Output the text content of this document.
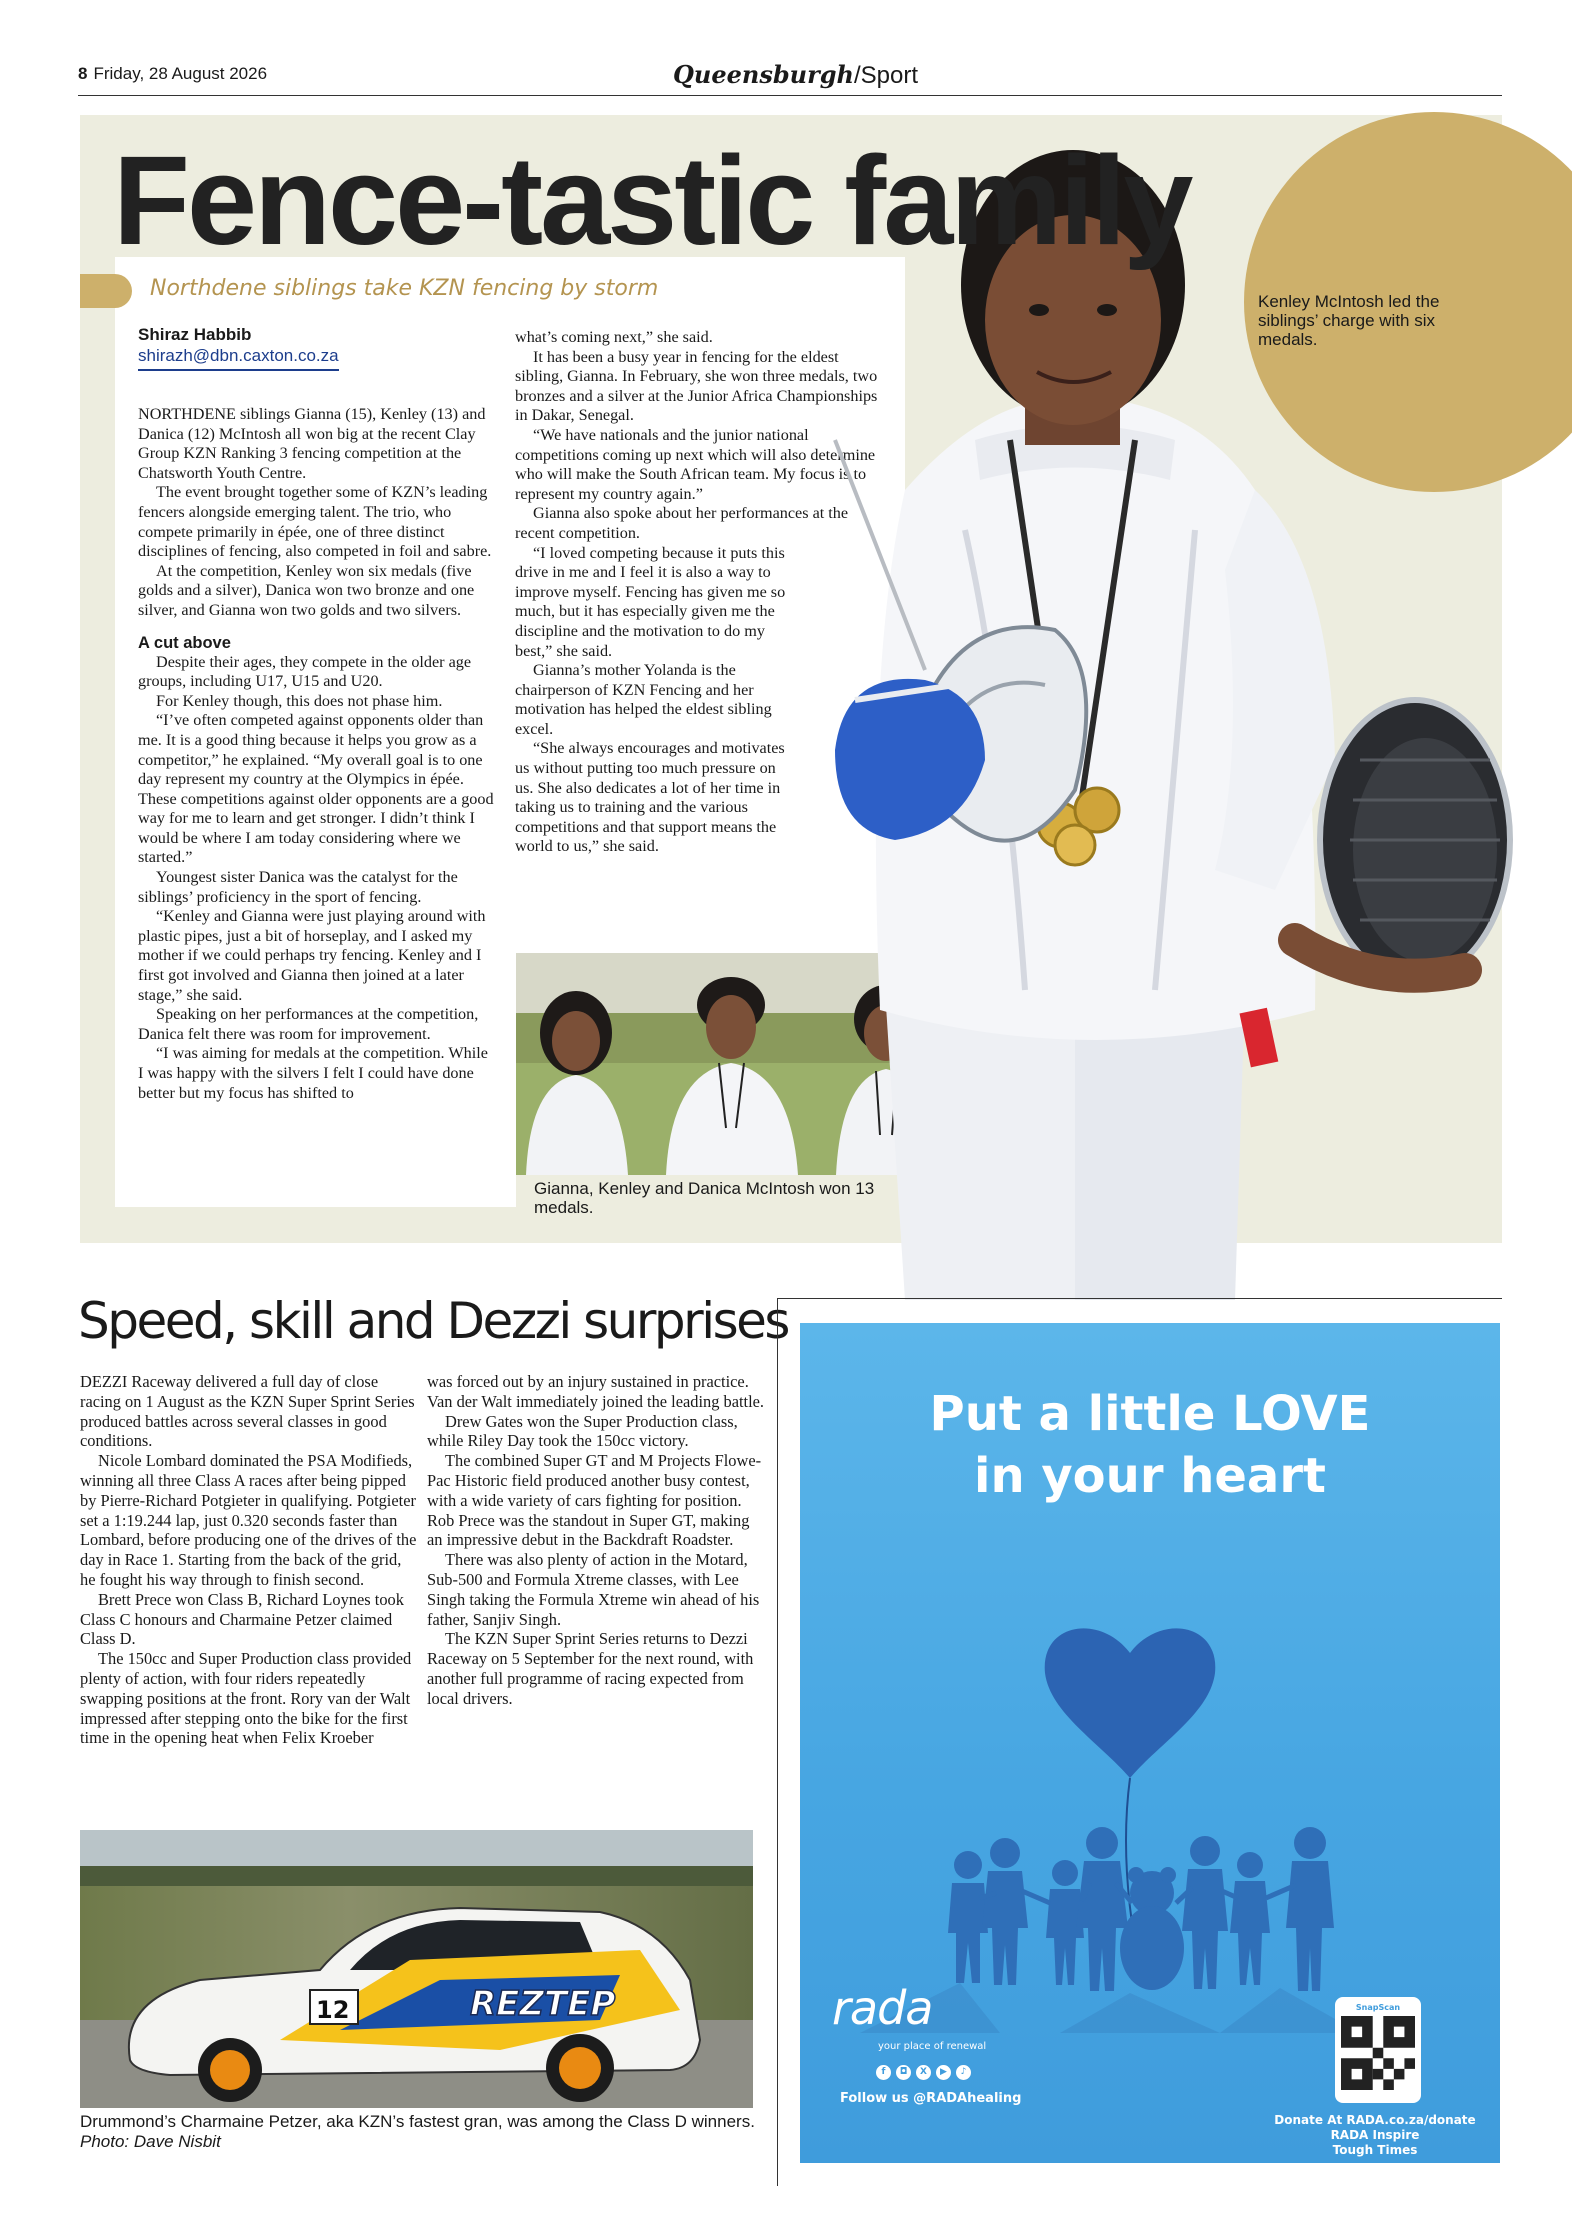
8 Friday, 28 August 2026	Queensburgh/Sport
Northdene siblings take KZN fencing by storm
Shiraz Habbib
shirazh@dbn.caxton.co.za

NORTHDENE siblings Gianna (15), Kenley (13) and Danica (12) McIntosh all won big at the recent Clay Group KZN Ranking 3 fencing competition at the Chatsworth Youth Centre.

The event brought together some of KZN’s leading fencers alongside emerging talent. The trio, who compete primarily in épée, one of three distinct disciplines of fencing, also competed in foil and sabre.

At the competition, Kenley won six medals (five golds and a silver), Danica won two bronze and one silver, and Gianna won two golds and two silvers.

A cut above

Despite their ages, they compete in the older age groups, including U17, U15 and U20.

For Kenley though, this does not phase him.

“I’ve often competed against opponents older than me. It is a good thing because it helps you grow as a competitor,” he explained. “My overall goal is to one day represent my country at the Olympics in épée. These competitions against older opponents are a good way for me to learn and get stronger. I didn’t think I would be where I am today considering where we started.”

Youngest sister Danica was the catalyst for the siblings’ proficiency in the sport of fencing.

“Kenley and Gianna were just playing around with plastic pipes, just a bit of horseplay, and I asked my mother if we could perhaps try fencing. Kenley and I first got involved and Gianna then joined at a later stage,” she said.

Speaking on her performances at the competition, Danica felt there was room for improvement.

“I was aiming for medals at the competition. While I was happy with the silvers I felt I could have done better but my focus has shifted to

what’s coming next,” she said.

It has been a busy year in fencing for the eldest sibling, Gianna. In February, she won three medals, two bronzes and a silver at the Junior Africa Championships in Dakar, Senegal.

“We have nationals and the junior national competitions coming up next which will also determine who will make the South African team. My focus is to represent my country again.”

Gianna also spoke about her performances at the recent competition.

“I loved competing because it puts this drive in me and I feel it is also a way to improve myself. Fencing has given me so much, but it has especially given me the discipline and the motivation to do my best,” she said.

Gianna’s mother Yolanda is the chairperson of KZN Fencing and her motivation has helped the eldest sibling excel.

“She always encourages and motivates us without putting too much pressure on us. She also dedicates a lot of her time in taking us to training and the various competitions and that support means the world to us,” she said.

Gianna, Kenley and Danica McIntosh won 13 medals.
Kenley McIntosh led the siblings’ charge with six medals.
Fence-tastic family
Speed, skill and Dezzi surprises

DEZZI Raceway delivered a full day of close racing on 1 August as the KZN Super Sprint Series produced battles across several classes in good conditions.

Nicole Lombard dominated the PSA Modifieds, winning all three Class A races after being pipped by Pierre-Richard Potgieter in qualifying. Potgieter set a 1:19.244 lap, just 0.320 seconds faster than Lombard, before producing one of the drives of the day in Race 1. Starting from the back of the grid, he fought his way through to finish second.

Brett Prece won Class B, Richard Loynes took Class C honours and Charmaine Petzer claimed Class D.

The 150cc and Super Production class provided plenty of action, with four riders repeatedly swapping positions at the front. Rory van der Walt impressed after stepping onto the bike for the first time in the opening heat when Felix Kroeber

was forced out by an injury sustained in practice. Van der Walt immediately joined the leading battle.

Drew Gates won the Super Production class, while Riley Day took the 150cc victory.

The combined Super GT and M Projects Flowe-Pac Historic field produced another busy contest, with a wide variety of cars fighting for position. Rob Prece was the standout in Super GT, making an impressive debut in the Backdraft Roadster.

There was also plenty of action in the Motard, Sub-500 and Formula Xtreme classes, with Lee Singh taking the Formula Xtreme win ahead of his father, Sanjiv Singh.

The KZN Super Sprint Series returns to Dezzi Raceway on 5 September for the next round, with another full programme of racing expected from local drivers.

REZTEP
12
Drummond’s Charmaine Petzer, aka KZN’s fastest gran, was among the Class D winners. Photo: Dave Nisbit
Put a little LOVE
in your heart
rada
your place of renewal
f	◘	X	▶	♪
Follow us @RADAhealing
SnapScan
Donate At RADA.co.za/donate
RADA Inspire
Tough Times
